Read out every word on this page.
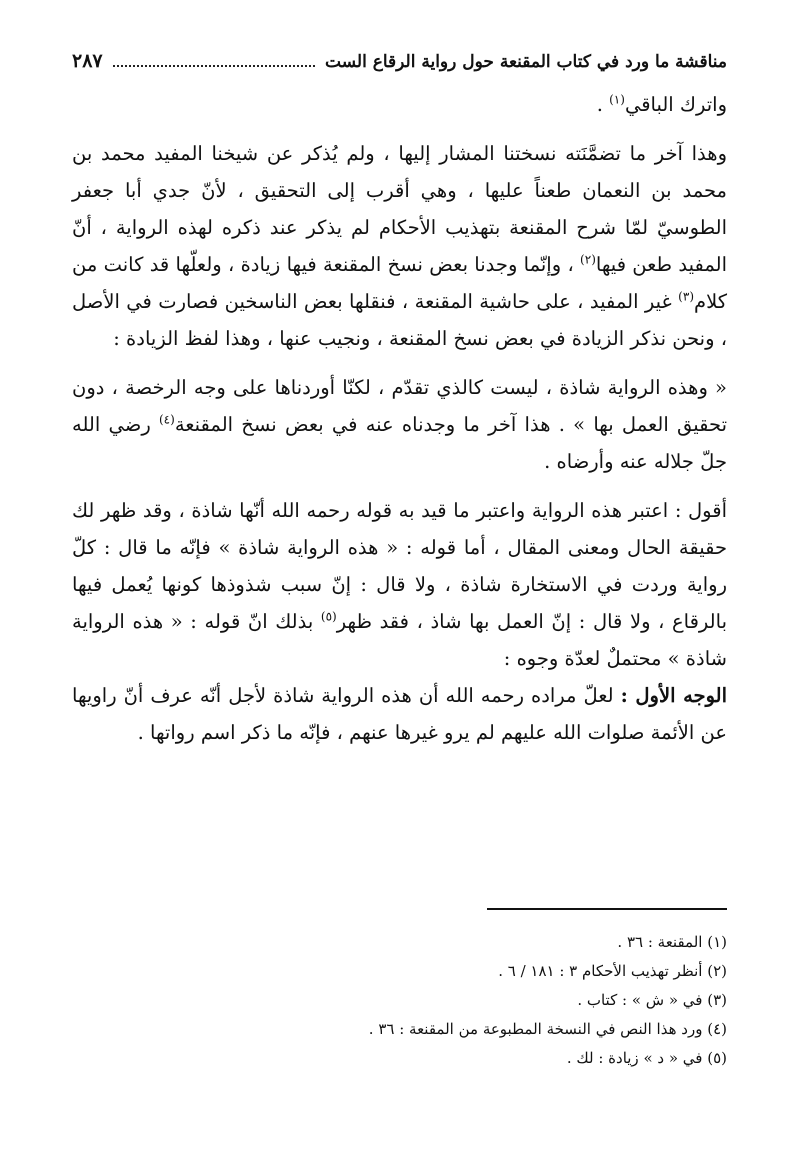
مناقشة ما ورد في كتاب المقنعة حول رواية الرقاع الست
٢٨٧

واترك الباقي$^{(١)}$ .

وهذا آخر ما تضمَّنَته نسختنا المشار إليها ، ولم يُذكر عن شيخنا المفيد محمد بن محمد بن النعمان طعناً عليها ، وهي أقرب إلى التحقيق ، لأنّ جدي أبا جعفر الطوسيّ لمّا شرح المقنعة بتهذيب الأحكام لم يذكر عند ذكره لهذه الرواية ، أنّ المفيد طعن فيها$^{(٢)}$ ، وإنّما وجدنا بعض نسخ المقنعة فيها زيادة ، ولعلّها قد كانت من كلام$^{(٣)}$ غير المفيد ، على حاشية المقنعة ، فنقلها بعض الناسخين فصارت في الأصل ، ونحن نذكر الزيادة في بعض نسخ المقنعة ، ونجيب عنها ، وهذا لفظ الزيادة :

« وهذه الرواية شاذة ، ليست كالذي تقدّم ، لكنّا أوردناها على وجه الرخصة ، دون تحقيق العمل بها » . هذا آخر ما وجدناه عنه في بعض نسخ المقنعة$^{(٤)}$ رضي الله جلّ جلاله عنه وأرضاه .

أقول : اعتبر هذه الرواية واعتبر ما قيد به قوله رحمه الله أنّها شاذة ، وقد ظهر لك حقيقة الحال ومعنى المقال ، أما قوله : « هذه الرواية شاذة » فإنّه ما قال : كلّ رواية وردت في الاستخارة شاذة ، ولا قال : إنّ سبب شذوذها كونها يُعمل فيها بالرقاع ، ولا قال : إنّ العمل بها شاذ ، فقد ظهر$^{(٥)}$ بذلك انّ قوله : « هذه الرواية شاذة » محتملٌ لعدّة وجوه :

الوجه الأول : لعلّ مراده رحمه الله أن هذه الرواية شاذة لأجل أنّه عرف أنّ راويها عن الأئمة صلوات الله عليهم لم يرو غيرها عنهم ، فإنّه ما ذكر اسم رواتها .

(١) المقنعة : ٣٦ .
(٢) أنظر تهذيب الأحكام ٣ : ١٨١ / ٦ .
(٣) في « ش » : كتاب .
(٤) ورد هذا النص في النسخة المطبوعة من المقنعة : ٣٦ .
(٥) في « د » زيادة : لك .
